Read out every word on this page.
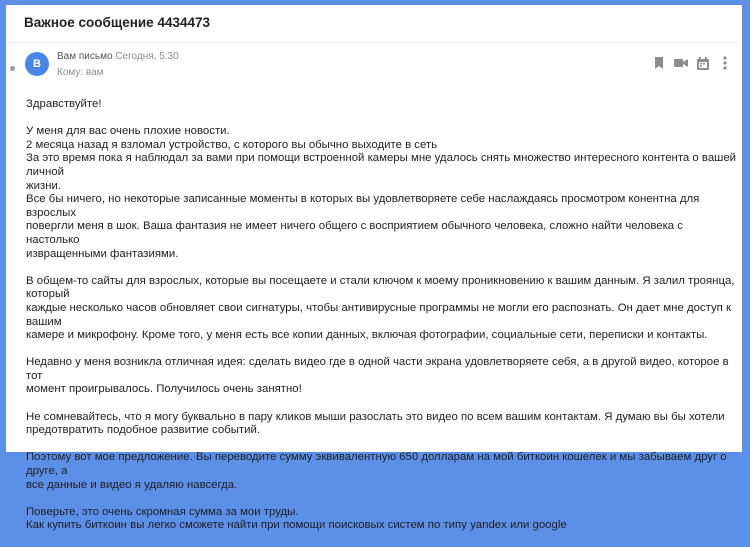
Важное сообщение 4434473
В
Вам письмо Сегодня, 5:30
Кому: вам

Здравствуйте!

У меня для вас очень плохие новости.
2 месяца назад я взломал устройство, с которого вы обычно выходите в сеть
За это время пока я наблюдал за вами при помощи встроенной камеры мне удалось снять множество интересного контента о вашей личной
жизни.
Все бы ничего, но некоторые записанные моменты в которых вы удовлетворяете себе наслаждаясь просмотром конентна для взрослых
повергли меня в шок. Ваша фантазия не имеет ничего общего с восприятием обычного человека, сложно найти человека с настолько
извращенными фантазиями.

В общем-то сайты для взрослых, которые вы посещаете и стали ключом к моему проникновению к вашим данным. Я залил троянца, который
каждые несколько часов обновляет свои сигнатуры, чтобы антивирусные программы не могли его распознать. Он дает мне доступ к вашим
камере и микрофону. Кроме того, у меня есть все копии данных, включая фотографии, социальные сети, переписки и контакты.

Недавно у меня возникла отличная идея: сделать видео где в одной части экрана удовлетворяете себя, а в другой видео, которое в тот
момент проигрывалось. Получилось очень занятно!

Не сомневайтесь, что я могу буквально в пару кликов мыши разослать это видео по всем вашим контактам. Я думаю вы бы хотели
предотвратить подобное развитие событий.

Поэтому вот мое предложение. Вы переводите сумму эквивалентную 650 долларам на мой биткоин кошелек и мы забываем друг о друге, а
все данные и видео я удаляю навсегда.

Поверьте, это очень скромная сумма за мои труды.
Как купить биткоин вы легко сможете найти при помощи поисковых систем по типу yandex или google
